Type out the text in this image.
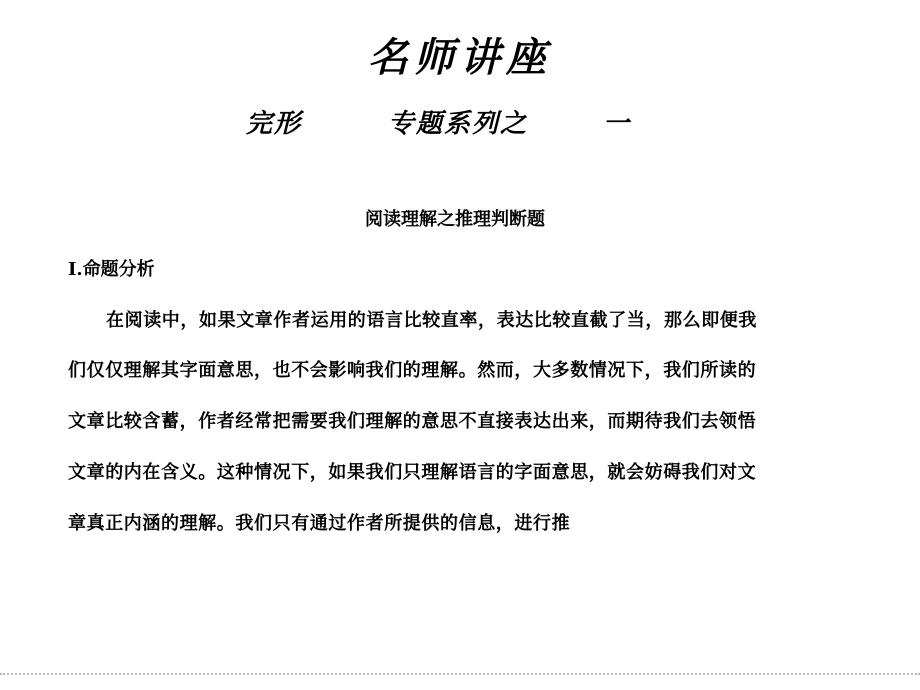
名师讲座
完形	专题系列之	一
阅读理解之推理判断题
I.命题分析
在阅读中，如果文章作者运用的语言比较直率，表达比较直截了当，那么即便我
们仅仅理解其字面意思，也不会影响我们的理解。然而，大多数情况下，我们所读的
文章比较含蓄，作者经常把需要我们理解的意思不直接表达出来，而期待我们去领悟
文章的内在含义。这种情况下，如果我们只理解语言的字面意思，就会妨碍我们对文
章真正内涵的理解。我们只有通过作者所提供的信息，进行推
